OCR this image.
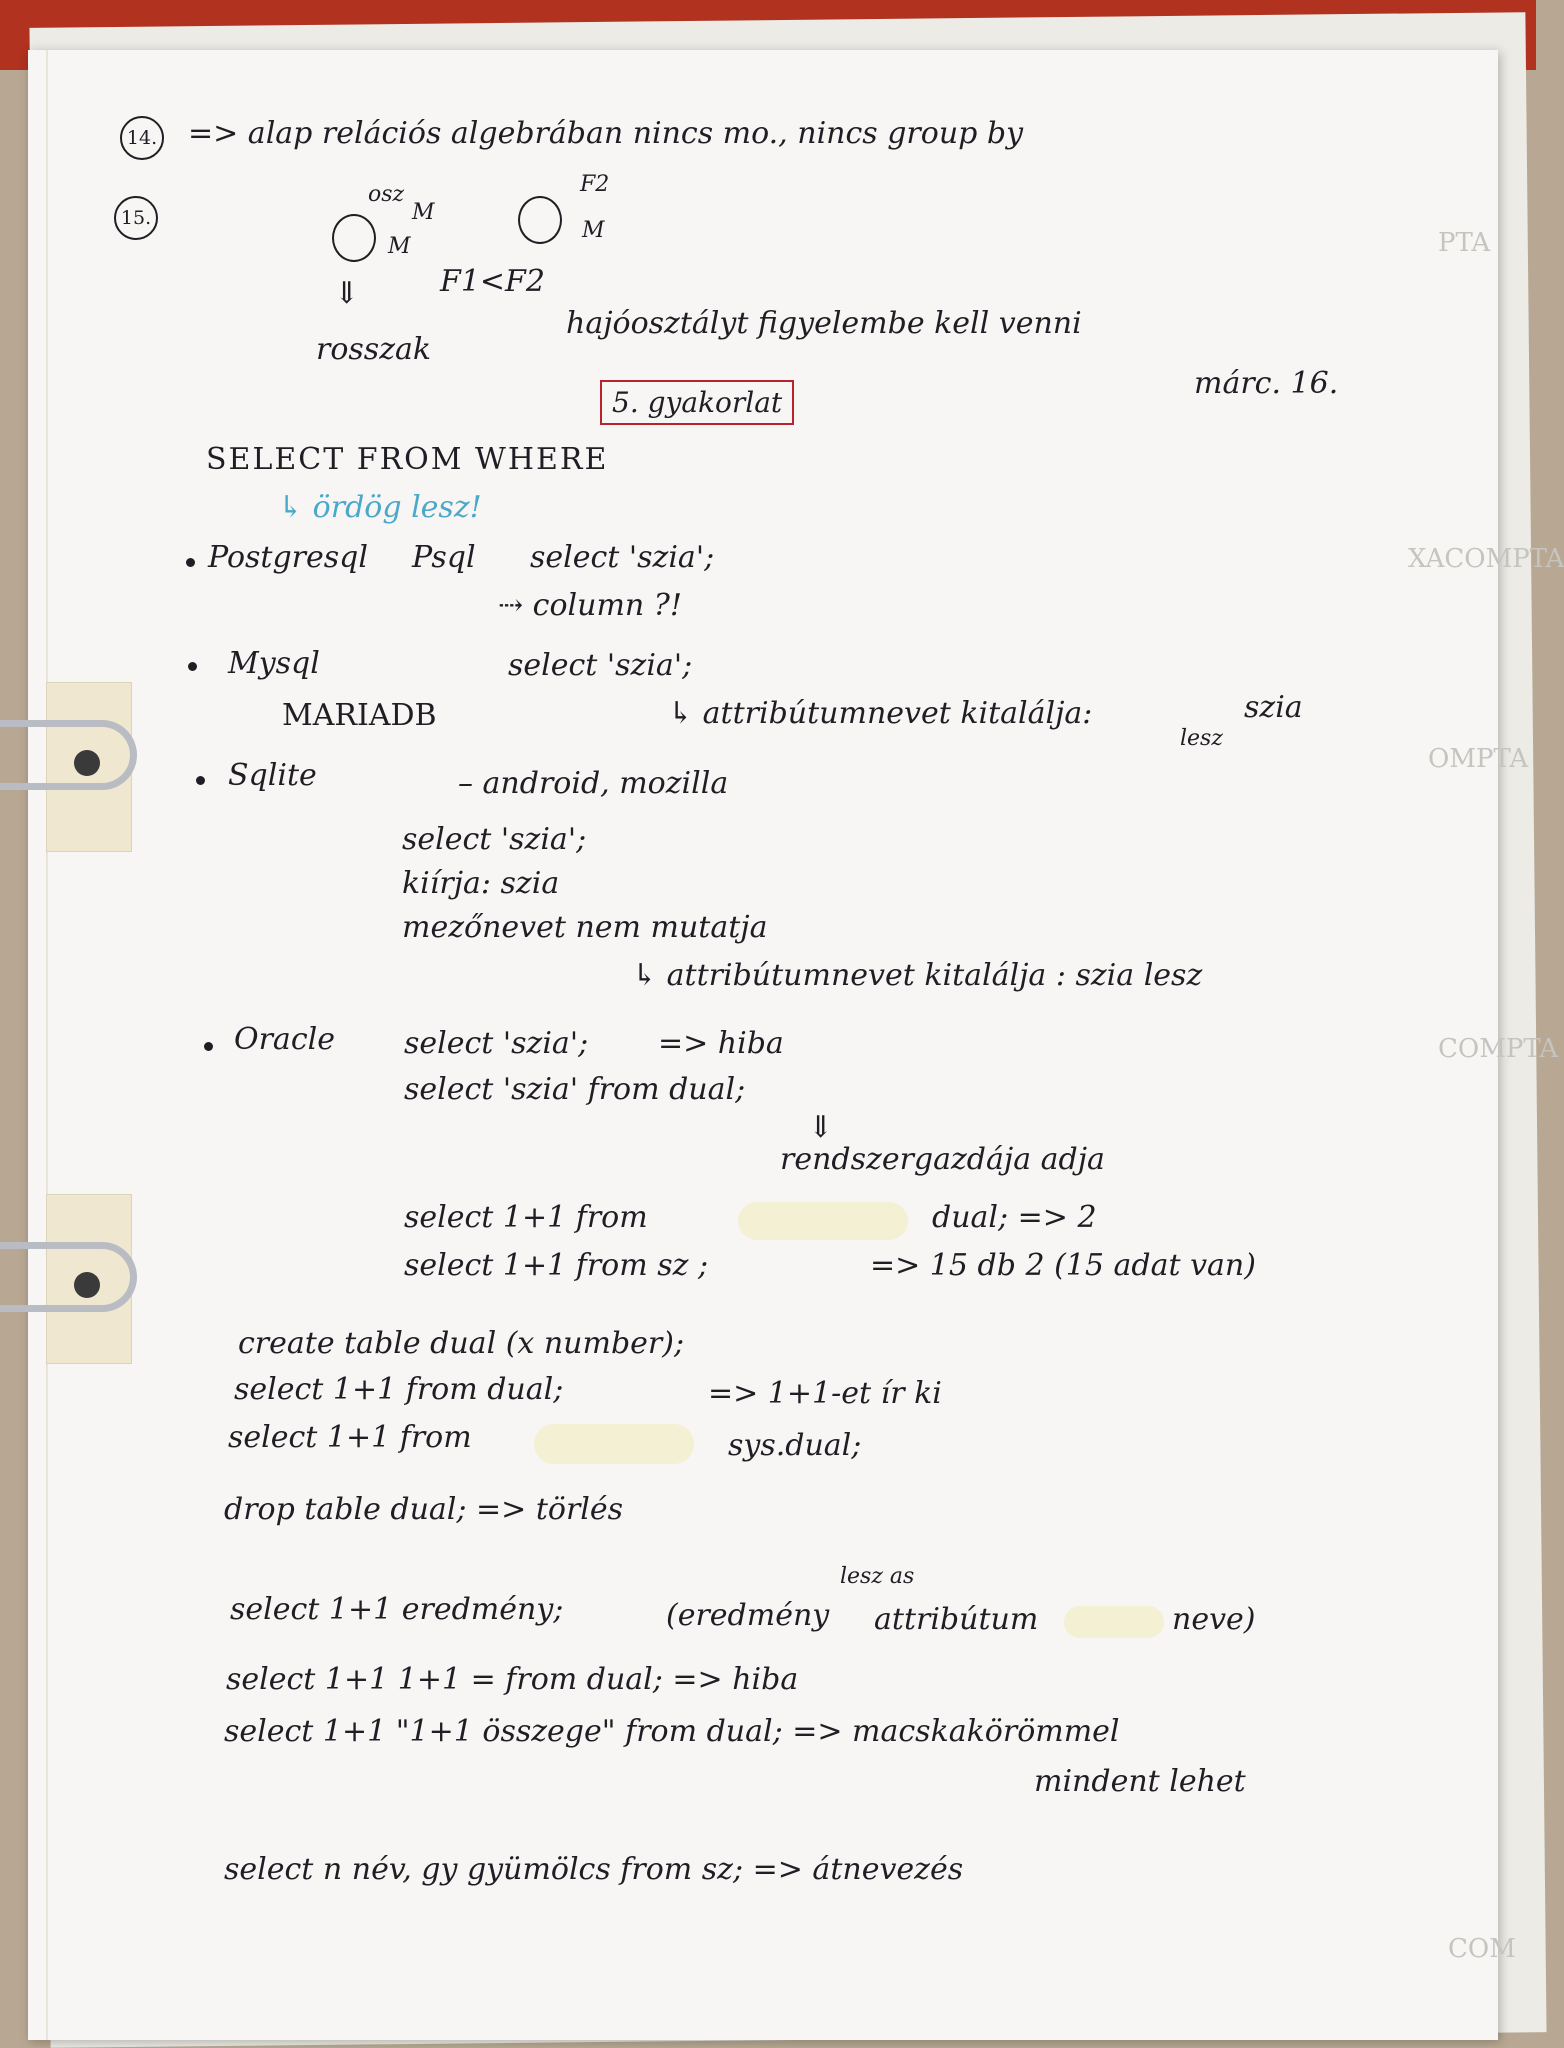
PTA
XACOMPTA
OMPTA
COMPTA
COM
14. => alap relációs algebrában nincs mo., nincs group by
15.
osz
M
M
F2
M
⇓	F1<F2
rosszak
hajóosztályt figyelembe kell venni
5. gyakorlat
márc. 16.
SELECT FROM WHERE
↳ ördög lesz!
Postgresql Psql select 'szia';
⇢ column ?!
Mysql	select 'szia';
MARIADB	↳ attribútumnevet kitalálja:	szia
lesz
Sqlite	– android, mozilla
select 'szia';
kiírja: szia
mezőnevet nem mutatja
↳ attribútumnevet kitalálja : szia lesz
Oracle select 'szia'; => hiba
select 'szia' from dual;
⇓
rendszergazdája adja
select 1+1 from	dual; => 2
select 1+1 from sz ;	=> 15 db 2 (15 adat van)
create table dual (x number);
select 1+1 from dual;	=> 1+1-et ír ki
select 1+1 from	sys.dual;
drop table dual; => törlés
lesz as
select 1+1 eredmény;	(eredmény attribútum	neve)
select 1+1 1+1 = from dual; => hiba
select 1+1 "1+1 összege" from dual; => macskakörömmel
mindent lehet
select n név, gy gyümölcs from sz; => átnevezés
